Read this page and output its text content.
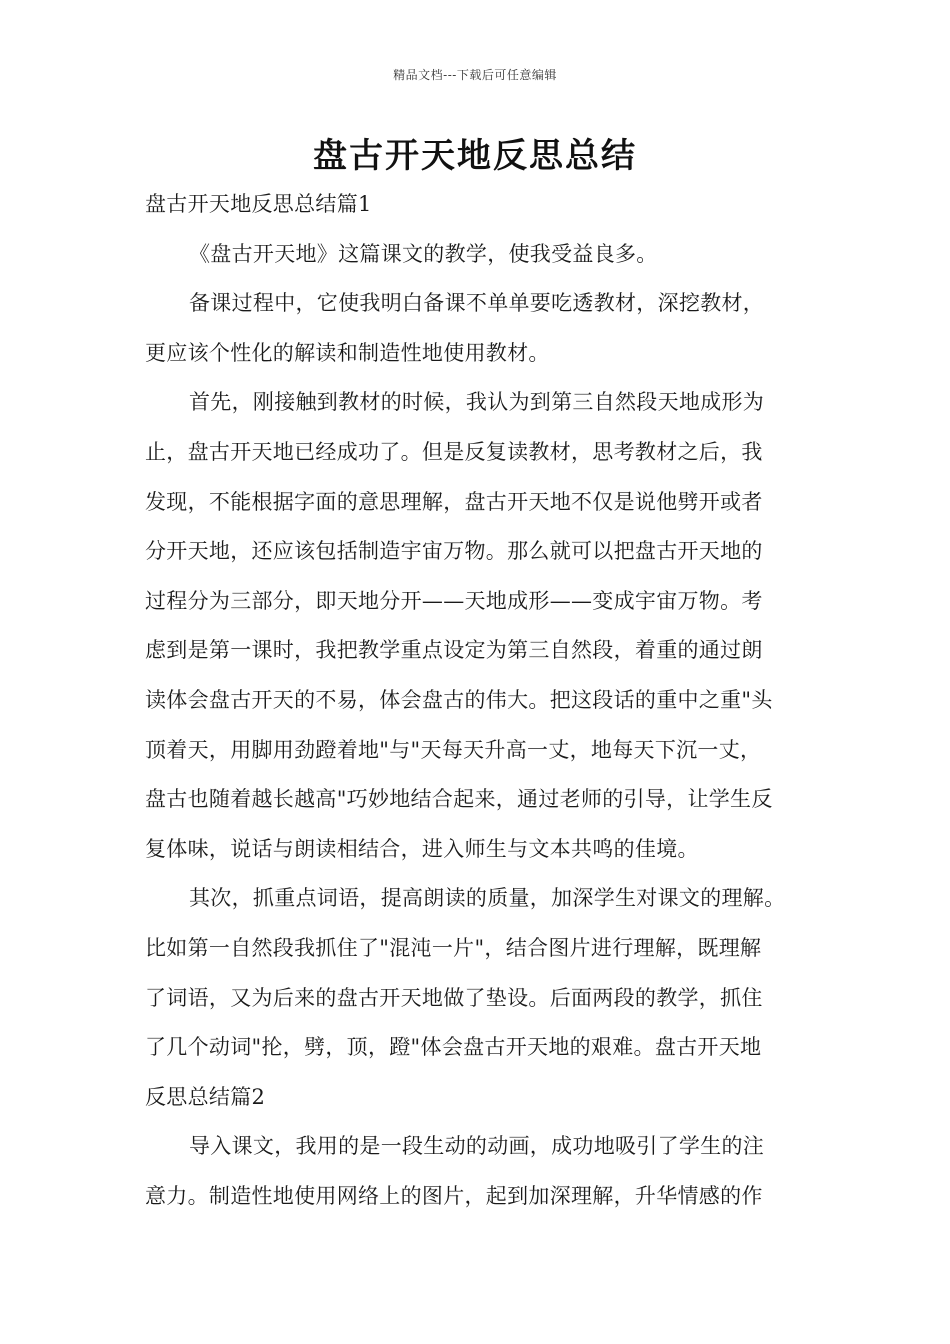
精品文档---下载后可任意编辑
盘古开天地反思总结
盘古开天地反思总结篇1
《盘古开天地》这篇课文的教学，使我受益良多。
备课过程中，它使我明白备课不单单要吃透教材，深挖教材，
更应该个性化的解读和制造性地使用教材。
首先，刚接触到教材的时候，我认为到第三自然段天地成形为
止，盘古开天地已经成功了。但是反复读教材，思考教材之后，我
发现，不能根据字面的意思理解，盘古开天地不仅是说他劈开或者
分开天地，还应该包括制造宇宙万物。那么就可以把盘古开天地的
过程分为三部分，即天地分开——天地成形——变成宇宙万物。考
虑到是第一课时，我把教学重点设定为第三自然段，着重的通过朗
读体会盘古开天的不易，体会盘古的伟大。把这段话的重中之重"头
顶着天，用脚用劲蹬着地"与"天每天升高一丈，地每天下沉一丈，
盘古也随着越长越高"巧妙地结合起来，通过老师的引导，让学生反
复体味，说话与朗读相结合，进入师生与文本共鸣的佳境。
其次，抓重点词语，提高朗读的质量，加深学生对课文的理解。
比如第一自然段我抓住了"混沌一片"，结合图片进行理解，既理解
了词语，又为后来的盘古开天地做了垫设。后面两段的教学，抓住
了几个动词"抡，劈，顶，蹬"体会盘古开天地的艰难。盘古开天地
反思总结篇2
导入课文，我用的是一段生动的动画，成功地吸引了学生的注
意力。制造性地使用网络上的图片，起到加深理解，升华情感的作
